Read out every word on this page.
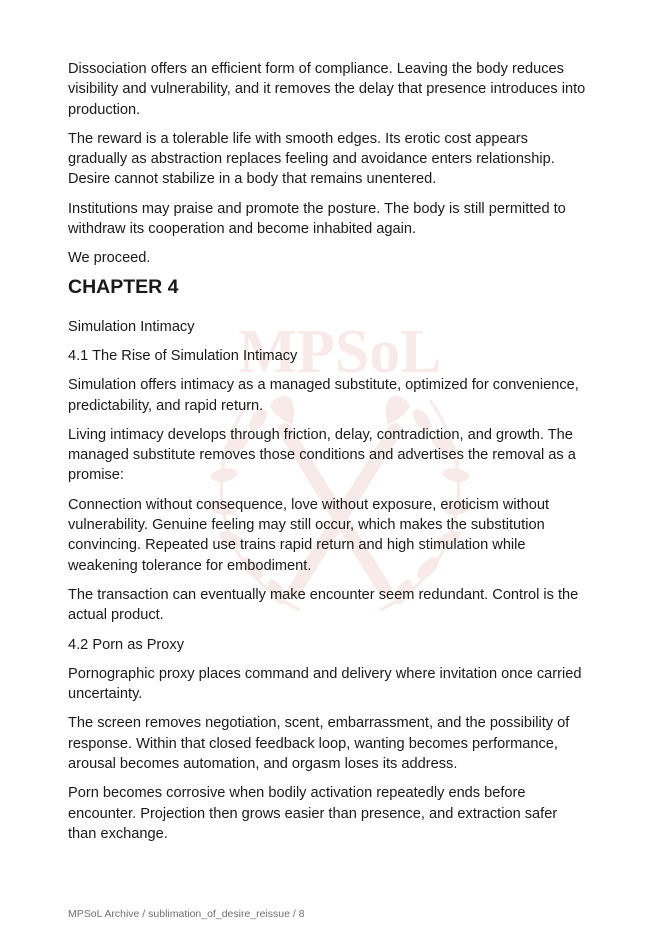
MPSoL

Dissociation offers an efficient form of compliance. Leaving the body reduces visibility and vulnerability, and it removes the delay that presence introduces into production.

The reward is a tolerable life with smooth edges. Its erotic cost appears gradually as abstraction replaces feeling and avoidance enters relationship. Desire cannot stabilize in a body that remains unentered.

Institutions may praise and promote the posture. The body is still permitted to withdraw its cooperation and become inhabited again.

We proceed.

CHAPTER 4

Simulation Intimacy

4.1 The Rise of Simulation Intimacy

Simulation offers intimacy as a managed substitute, optimized for convenience, predictability, and rapid return.

Living intimacy develops through friction, delay, contradiction, and growth. The managed substitute removes those conditions and advertises the removal as a promise:

Connection without consequence, love without exposure, eroticism without vulnerability. Genuine feeling may still occur, which makes the substitution convincing. Repeated use trains rapid return and high stimulation while weakening tolerance for embodiment.

The transaction can eventually make encounter seem redundant. Control is the actual product.

4.2 Porn as Proxy

Pornographic proxy places command and delivery where invitation once carried uncertainty.

The screen removes negotiation, scent, embarrassment, and the possibility of response. Within that closed feedback loop, wanting becomes performance, arousal becomes automation, and orgasm loses its address.

Porn becomes corrosive when bodily activation repeatedly ends before encounter. Projection then grows easier than presence, and extraction safer than exchange.

MPSoL Archive / sublimation_of_desire_reissue / 8
